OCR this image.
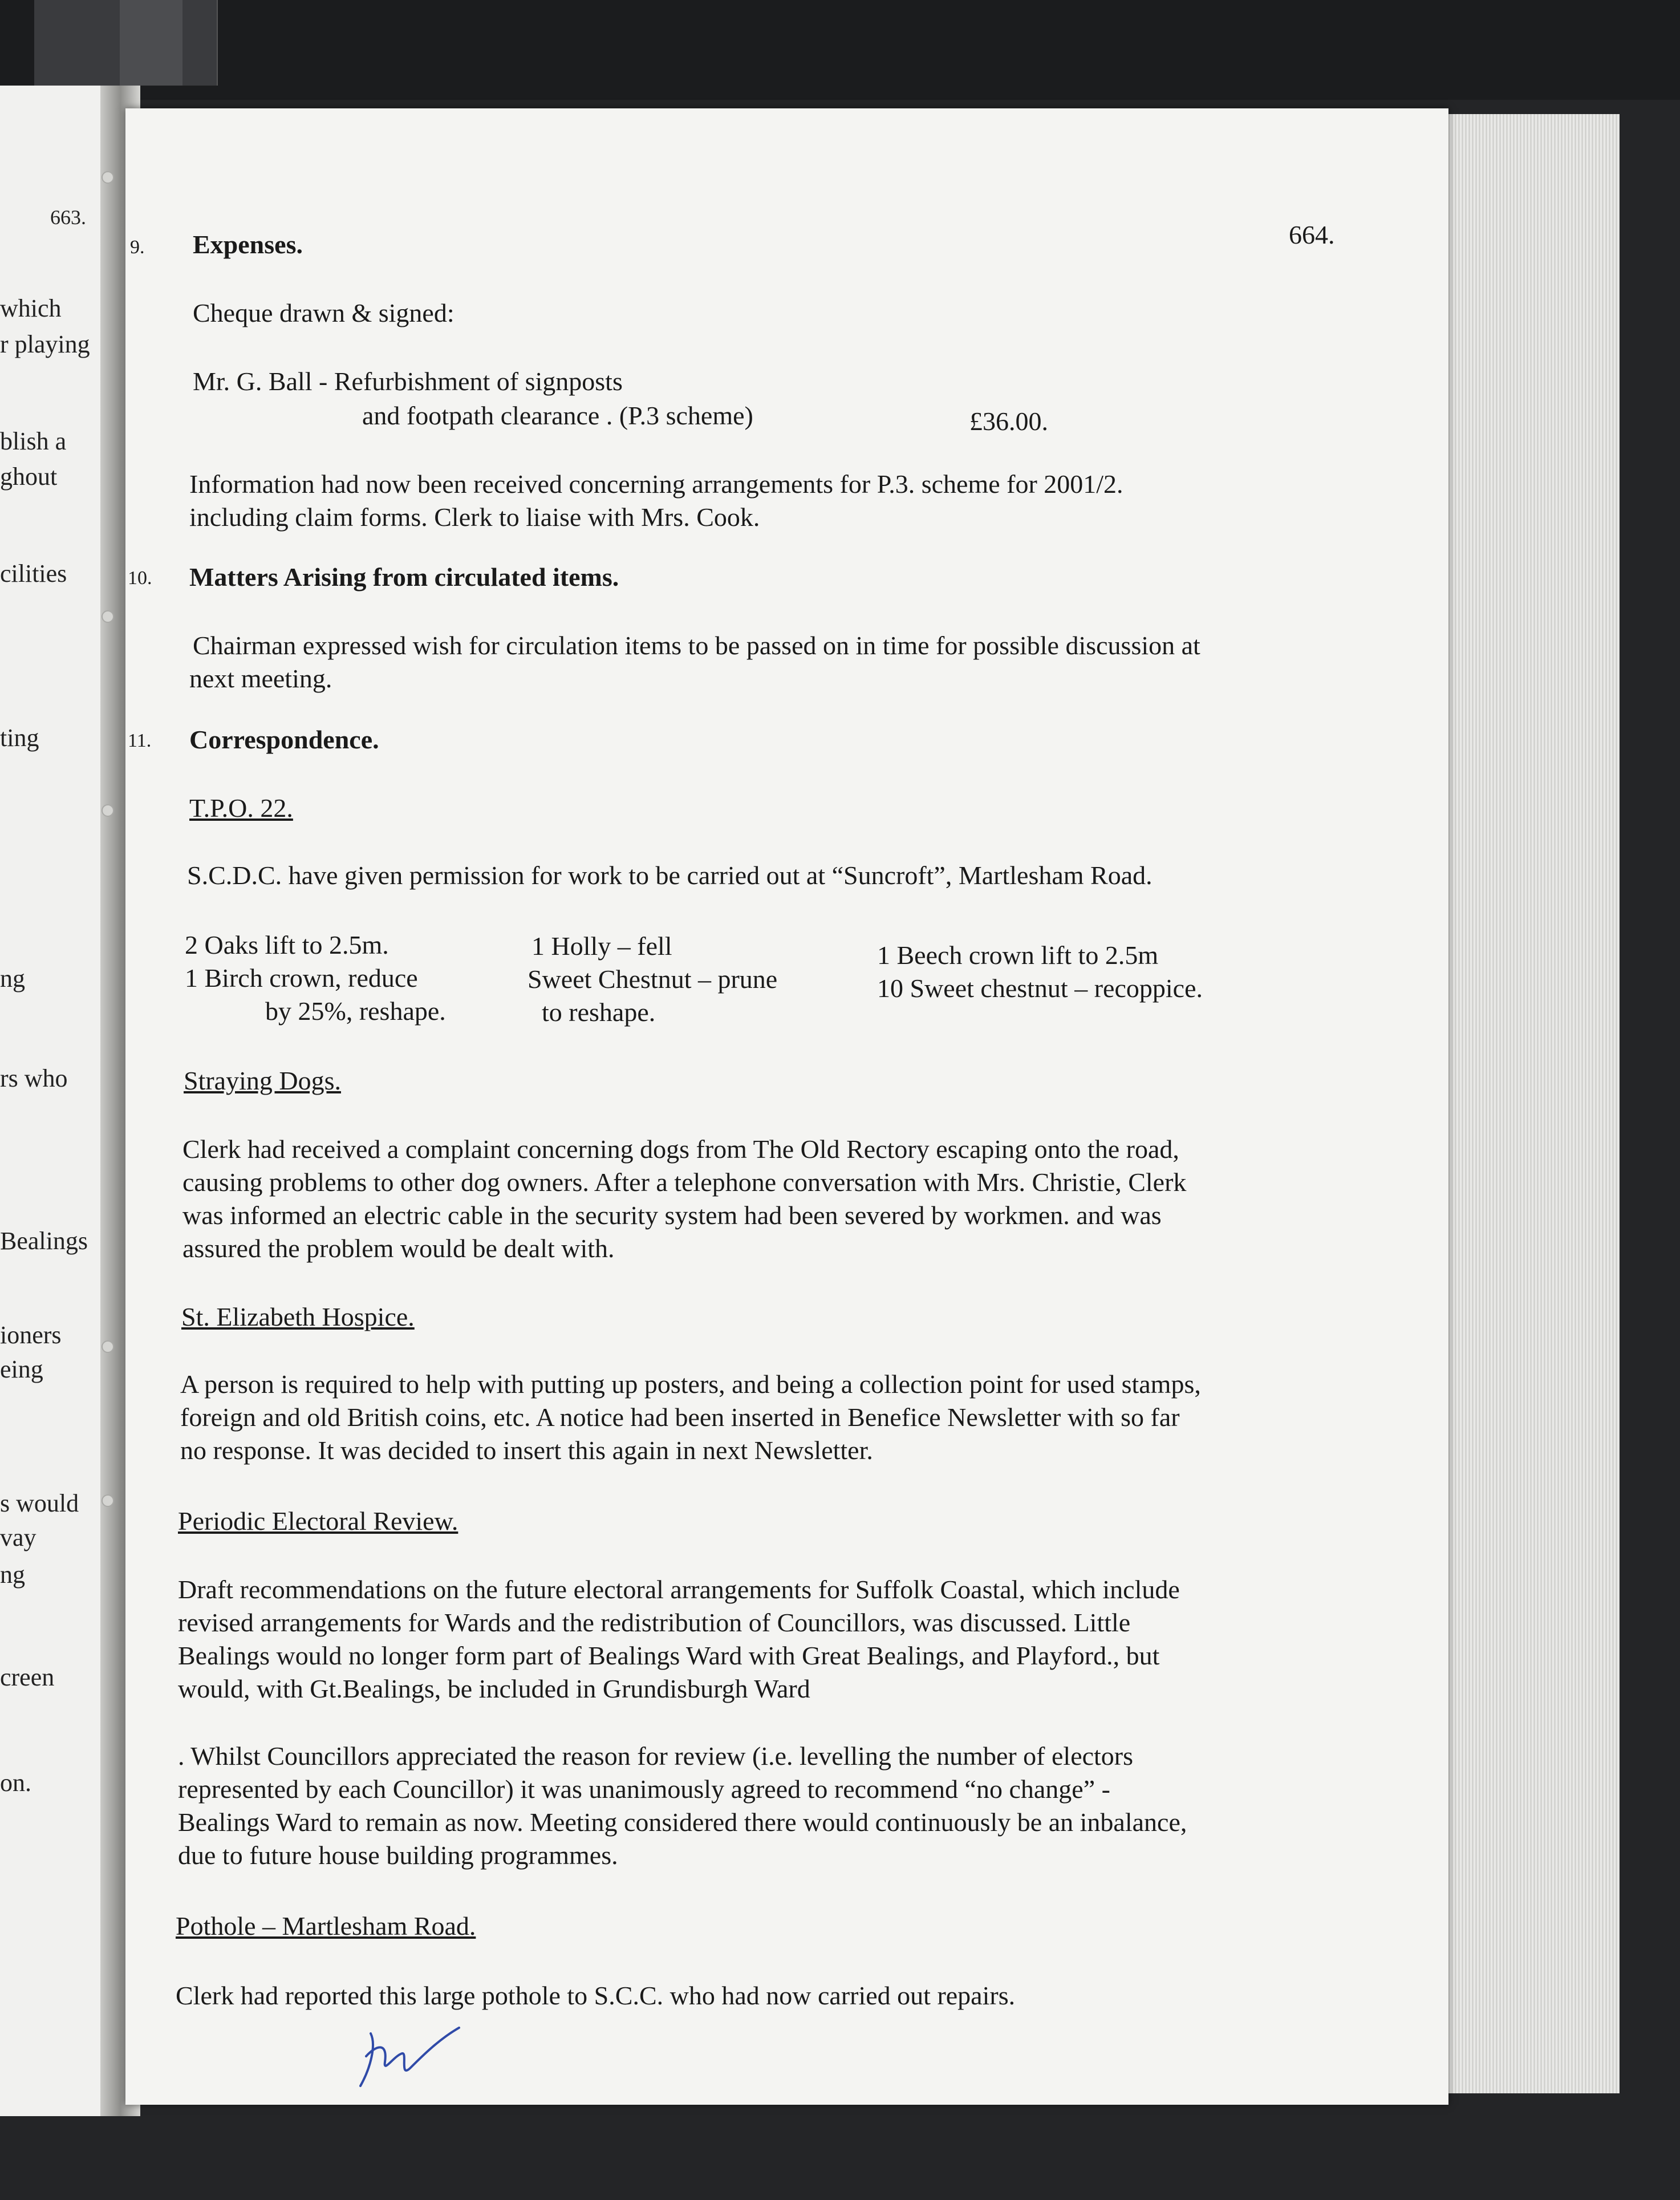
663.
which
r playing
blish a
ghout
cilities
ting
ng
rs who
Bealings
ioners
eing
s would
vay
ng
creen
on.

664.
9. Expenses.
Cheque drawn & signed:
Mr. G. Ball - Refurbishment of signposts
and footpath clearance . (P.3 scheme)	£36.00.
Information had now been received concerning arrangements for P.3. scheme for 2001/2.
including claim forms. Clerk to liaise with Mrs. Cook.
10. Matters Arising from circulated items.
Chairman expressed wish for circulation items to be passed on in time for possible discussion at
next meeting.
11. Correspondence.
T.P.O. 22.
S.C.D.C. have given permission for work to be carried out at “Suncroft”, Martlesham Road.
2 Oaks lift to 2.5m.
1 Birch crown, reduce
by 25%, reshape.
1 Holly – fell
Sweet Chestnut – prune
to reshape.
1 Beech crown lift to 2.5m
10 Sweet chestnut – recoppice.
Straying Dogs.
Clerk had received a complaint concerning dogs from The Old Rectory escaping onto the road,
causing problems to other dog owners. After a telephone conversation with Mrs. Christie, Clerk
was informed an electric cable in the security system had been severed by workmen. and was
assured the problem would be dealt with.
St. Elizabeth Hospice.
A person is required to help with putting up posters, and being a collection point for used stamps,
foreign and old British coins, etc. A notice had been inserted in Benefice Newsletter with so far
no response. It was decided to insert this again in next Newsletter.
Periodic Electoral Review.
Draft recommendations on the future electoral arrangements for Suffolk Coastal, which include
revised arrangements for Wards and the redistribution of Councillors, was discussed. Little
Bealings would no longer form part of Bealings Ward with Great Bealings, and Playford., but
would, with Gt.Bealings, be included in Grundisburgh Ward
. Whilst Councillors appreciated the reason for review (i.e. levelling the number of electors
represented by each Councillor) it was unanimously agreed to recommend “no change” -
Bealings Ward to remain as now. Meeting considered there would continuously be an inbalance,
due to future house building programmes.
Pothole – Martlesham Road.
Clerk had reported this large pothole to S.C.C. who had now carried out repairs.
